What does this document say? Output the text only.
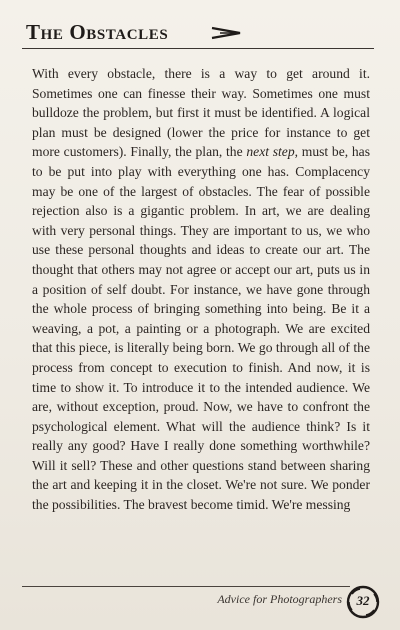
The Obstacles

With every obstacle, there is a way to get around it. Sometimes one can finesse their way. Sometimes one must bulldoze the problem, but first it must be identified. A logical plan must be designed (lower the price for instance to get more customers). Finally, the plan, the next step, must be, has to be put into play with everything one has. Complacency may be one of the largest of obstacles. The fear of possible rejection also is a gigantic problem. In art, we are dealing with very personal things. They are important to us, we who use these personal thoughts and ideas to create our art. The thought that others may not agree or accept our art, puts us in a position of self doubt. For instance, we have gone through the whole process of bringing something into being. Be it a weaving, a pot, a painting or a photograph. We are excited that this piece, is literally being born. We go through all of the process from concept to execution to finish. And now, it is time to show it. To introduce it to the intended audience. We are, without exception, proud. Now, we have to confront the psychological element. What will the audience think? Is it really any good? Have I really done something worthwhile? Will it sell? These and other questions stand between sharing the art and keeping it in the closet. We're not sure. We ponder the possibilities. The bravest become timid. We're messing

Advice for Photographers	32
